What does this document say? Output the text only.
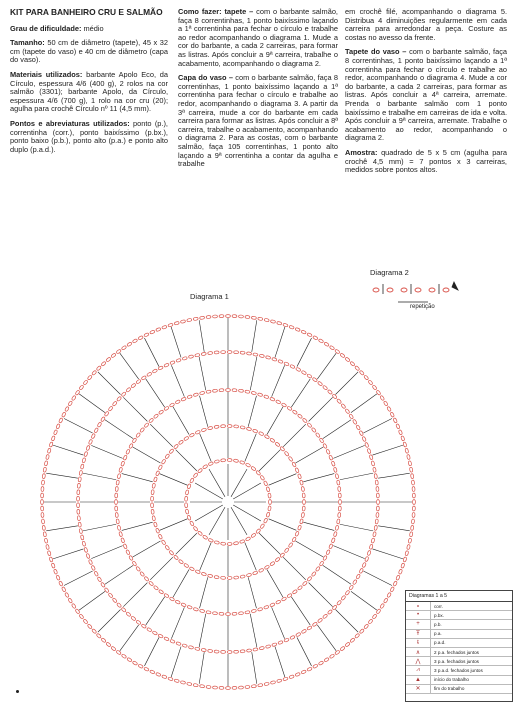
KIT PARA BANHEIRO CRU E SALMÃO

Grau de dificuldade: médio

Tamanho: 50 cm de diâmetro (tapete), 45 x 32 cm (tapete do vaso) e 40 cm de diâmetro (capa do vaso).

Materiais utilizados: barbante Apolo Eco, da Círculo, espessura 4/6 (400 g), 2 rolos na cor salmão (3301); barbante Apolo, da Círculo, espessura 4/6 (700 g), 1 rolo na cor cru (20); agulha para crochê Círculo nº 11 (4,5 mm).

Pontos e abreviaturas utilizados: ponto (p.), correntinha (corr.), ponto baixíssimo (p.bx.), ponto baixo (p.b.), ponto alto (p.a.) e ponto alto duplo (p.a.d.).

Como fazer: tapete – com o barbante salmão, faça 8 correntinhas, 1 ponto baixíssimo laçando a 1ª correntinha para fechar o círculo e trabalhe ao redor acompanhando o diagrama 1. Mude a cor do barbante, a cada 2 carreiras, para formar as listras. Após concluir a 9ª carreira, trabalhe o acabamento, acompanhando o diagrama 2.

Capa do vaso – com o barbante salmão, faça 8 correntinhas, 1 ponto baixíssimo laçando a 1ª correntinha para fechar o círculo e trabalhe ao redor, acompanhando o diagrama 3. A partir da 3ª carreira, mude a cor do barbante em cada carreira para formar as listras. Após concluir a 8ª carreira, trabalhe o acabamento, acompanhando o diagrama 2. Para as costas, com o barbante salmão, faça 105 correntinhas, 1 ponto alto laçando a 9ª correntinha a contar da agulha e trabalhe

em crochê filé, acompanhando o diagrama 5. Distribua 4 diminuições regularmente em cada carreira para arredondar a peça. Costure as costas no avesso da frente.

Tapete do vaso – com o barbante salmão, faça 8 correntinhas, 1 ponto baixíssimo laçando a 1ª correntinha para fechar o círculo e trabalhe ao redor, acompanhando o diagrama 4. Mude a cor do barbante, a cada 2 carreiras, para formar as listras. Após concluir a 4ª carreira, arremate. Prenda o barbante salmão com 1 ponto baixíssimo e trabalhe em carreiras de ida e volta. Após concluir a 9ª carreira, arremate. Trabalhe o acabamento ao redor, acompanhando o diagrama 2.

Amostra: quadrado de 5 x 5 cm (agulha para crochê 4,5 mm) = 7 pontos x 3 carreiras, medidos sobre pontos altos.

Diagrama 2
repetição
Diagrama 1
Diagramas 1 a 5
∘	corr.
•	p.bx.
+	p.b.
Ŧ	p.a.
ŧ	p.a.d.
∧	2 p.a. fechados juntos
⋀	3 p.a. fechados juntos
⩘	3 p.a.d. fechados juntos
▲	início do trabalho
✕	fim do trabalho
